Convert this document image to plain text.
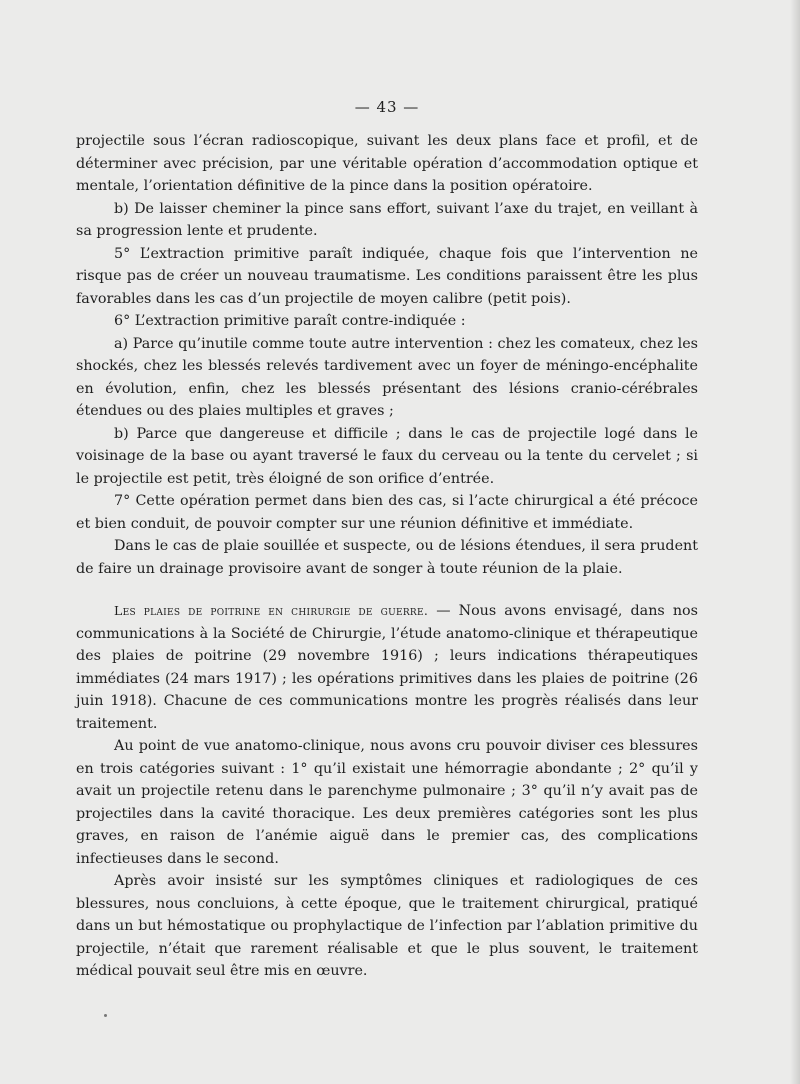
— 43 —

projectile sous l’écran radioscopique, suivant les deux plans face et profil, et de déterminer avec précision, par une véritable opération d’accommodation optique et mentale, l’orientation définitive de la pince dans la position opératoire.

b) De laisser cheminer la pince sans effort, suivant l’axe du trajet, en veillant à sa progression lente et prudente.

5° L’extraction primitive paraît indiquée, chaque fois que l’intervention ne risque pas de créer un nouveau traumatisme. Les conditions paraissent être les plus favorables dans les cas d’un projectile de moyen calibre (petit pois).

6° L’extraction primitive paraît contre-indiquée :

a) Parce qu’inutile comme toute autre intervention : chez les comateux, chez les shockés, chez les blessés relevés tardivement avec un foyer de méningo-encéphalite en évolution, enfin, chez les blessés présentant des lésions cranio-cérébrales étendues ou des plaies multiples et graves ;

b) Parce que dangereuse et difficile ; dans le cas de projectile logé dans le voisinage de la base ou ayant traversé le faux du cerveau ou la tente du cervelet ; si le projectile est petit, très éloigné de son orifice d’entrée.

7° Cette opération permet dans bien des cas, si l’acte chirurgical a été précoce et bien conduit, de pouvoir compter sur une réunion définitive et immédiate.

Dans le cas de plaie souillée et suspecte, ou de lésions étendues, il sera prudent de faire un drainage provisoire avant de songer à toute réunion de la plaie.

Les plaies de poitrine en chirurgie de guerre. — Nous avons envisagé, dans nos communications à la Société de Chirurgie, l’étude anatomo-clinique et thérapeutique des plaies de poitrine (29 novembre 1916) ; leurs indications thérapeutiques immédiates (24 mars 1917) ; les opérations primitives dans les plaies de poitrine (26 juin 1918). Chacune de ces communications montre les progrès réalisés dans leur traitement.

Au point de vue anatomo-clinique, nous avons cru pouvoir diviser ces blessures en trois catégories suivant : 1° qu’il existait une hémorragie abondante ; 2° qu’il y avait un projectile retenu dans le parenchyme pulmonaire ; 3° qu’il n’y avait pas de projectiles dans la cavité thoracique. Les deux premières catégories sont les plus graves, en raison de l’anémie aiguë dans le premier cas, des complications infectieuses dans le second.

Après avoir insisté sur les symptômes cliniques et radiologiques de ces blessures, nous concluions, à cette époque, que le traitement chirurgical, pratiqué dans un but hémostatique ou prophylactique de l’infection par l’ablation primitive du projectile, n’était que rarement réalisable et que le plus souvent, le traitement médical pouvait seul être mis en œuvre.
